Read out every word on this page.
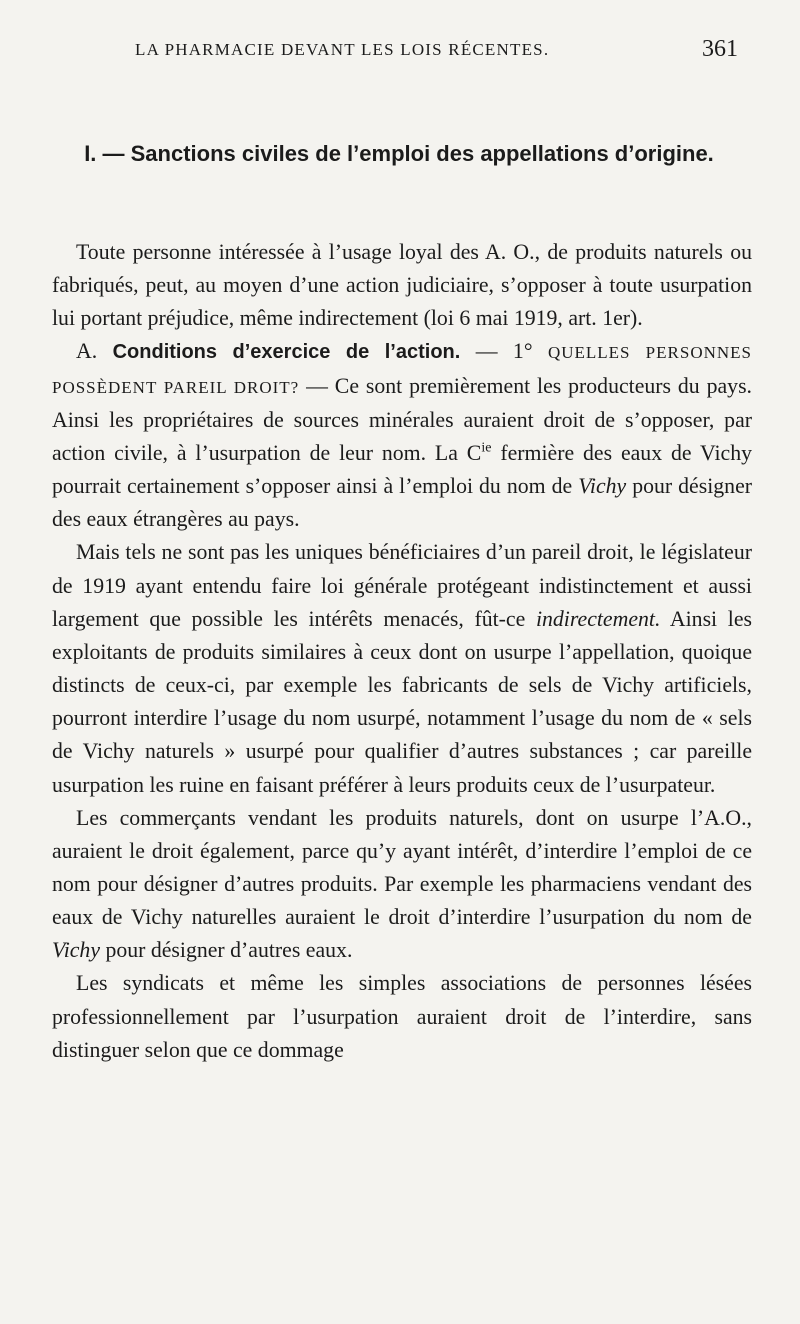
LA PHARMACIE DEVANT LES LOIS RÉCENTES.	361
I. — Sanctions civiles de l’emploi des appellations d’origine.

Toute personne intéressée à l’usage loyal des A. O., de produits naturels ou fabriqués, peut, au moyen d’une action judiciaire, s’opposer à toute usurpation lui portant préjudice, même indirectement (loi 6 mai 1919, art. 1er).

A. Conditions d’exercice de l’action. — 1° QUELLES PERSONNES POSSÈDENT PAREIL DROIT? — Ce sont premièrement les producteurs du pays. Ainsi les propriétaires de sources minérales auraient droit de s’opposer, par action civile, à l’usurpation de leur nom. La $C^{ie}$ fermière des eaux de Vichy pourrait certainement s’opposer ainsi à l’emploi du nom de Vichy pour désigner des eaux étrangères au pays.

Mais tels ne sont pas les uniques bénéficiaires d’un pareil droit, le législateur de 1919 ayant entendu faire loi générale protégeant indistinctement et aussi largement que possible les intérêts menacés, fût-ce indirectement. Ainsi les exploitants de produits similaires à ceux dont on usurpe l’appellation, quoique distincts de ceux-ci, par exemple les fabricants de sels de Vichy artificiels, pourront interdire l’usage du nom usurpé, notamment l’usage du nom de « sels de Vichy naturels » usurpé pour qualifier d’autres substances ; car pareille usurpation les ruine en faisant préférer à leurs produits ceux de l’usurpateur.

Les commerçants vendant les produits naturels, dont on usurpe l’A.O., auraient le droit également, parce qu’y ayant intérêt, d’interdire l’emploi de ce nom pour désigner d’autres produits. Par exemple les pharmaciens vendant des eaux de Vichy naturelles auraient le droit d’interdire l’usurpation du nom de Vichy pour désigner d’autres eaux.

Les syndicats et même les simples associations de personnes lésées professionnellement par l’usurpation auraient droit de l’interdire, sans distinguer selon que ce dommage
